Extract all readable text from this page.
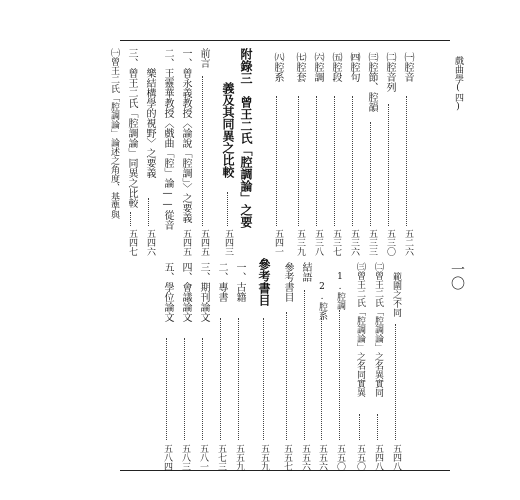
戲曲學(四)
一〇
㈠腔音
五二六
㈡腔音列
五三〇
㈢腔節、腔韻
五三三
㈣腔句
五三六
㈤腔段
五三七
㈥腔調
五三八
㈦腔套
五三九
㈧腔系
五四一
附錄三　曾王二氏「腔調論」之要
義及其同異之比較
五四三
前言
五四五
一、曾永義教授〈論說「腔調」〉之要義
五四五
二、王靈華教授〈戲曲「腔」論——從音
樂結構學的視野〉之要義
五四六
三、曾王二氏「腔調論」同異之比較
五四七
㈠曾王二氏「腔調論」論述之角度、基準與
範圍之不同
五四八
㈡曾王二氏「腔調論」之名異實同
五四八
㈢曾王二氏「腔調論」之名同實異
五五〇
1.腔調
五五〇
2.腔系
五五六
結語
五五六
參考書目
五五七
參考書目
五五九
一、古籍
五五九
二、專書
五七三
三、期刊論文
五八一
四、會議論文
五八三
五、學位論文
五八四
